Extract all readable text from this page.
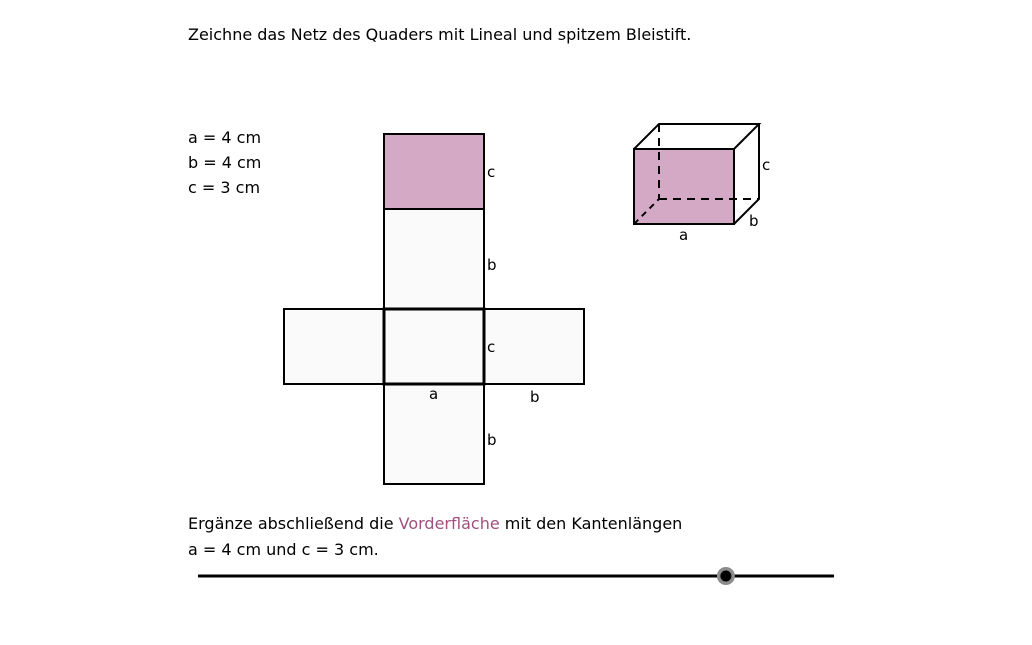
Zeichne das Netz des Quaders mit Lineal und spitzem Bleistift.
a = 4 cm
b = 4 cm
c = 3 cm
c
b
c
a	b
b
c
b
a
Ergänze abschließend die Vorderfläche mit den Kantenlängen
a = 4 cm und c = 3 cm.
